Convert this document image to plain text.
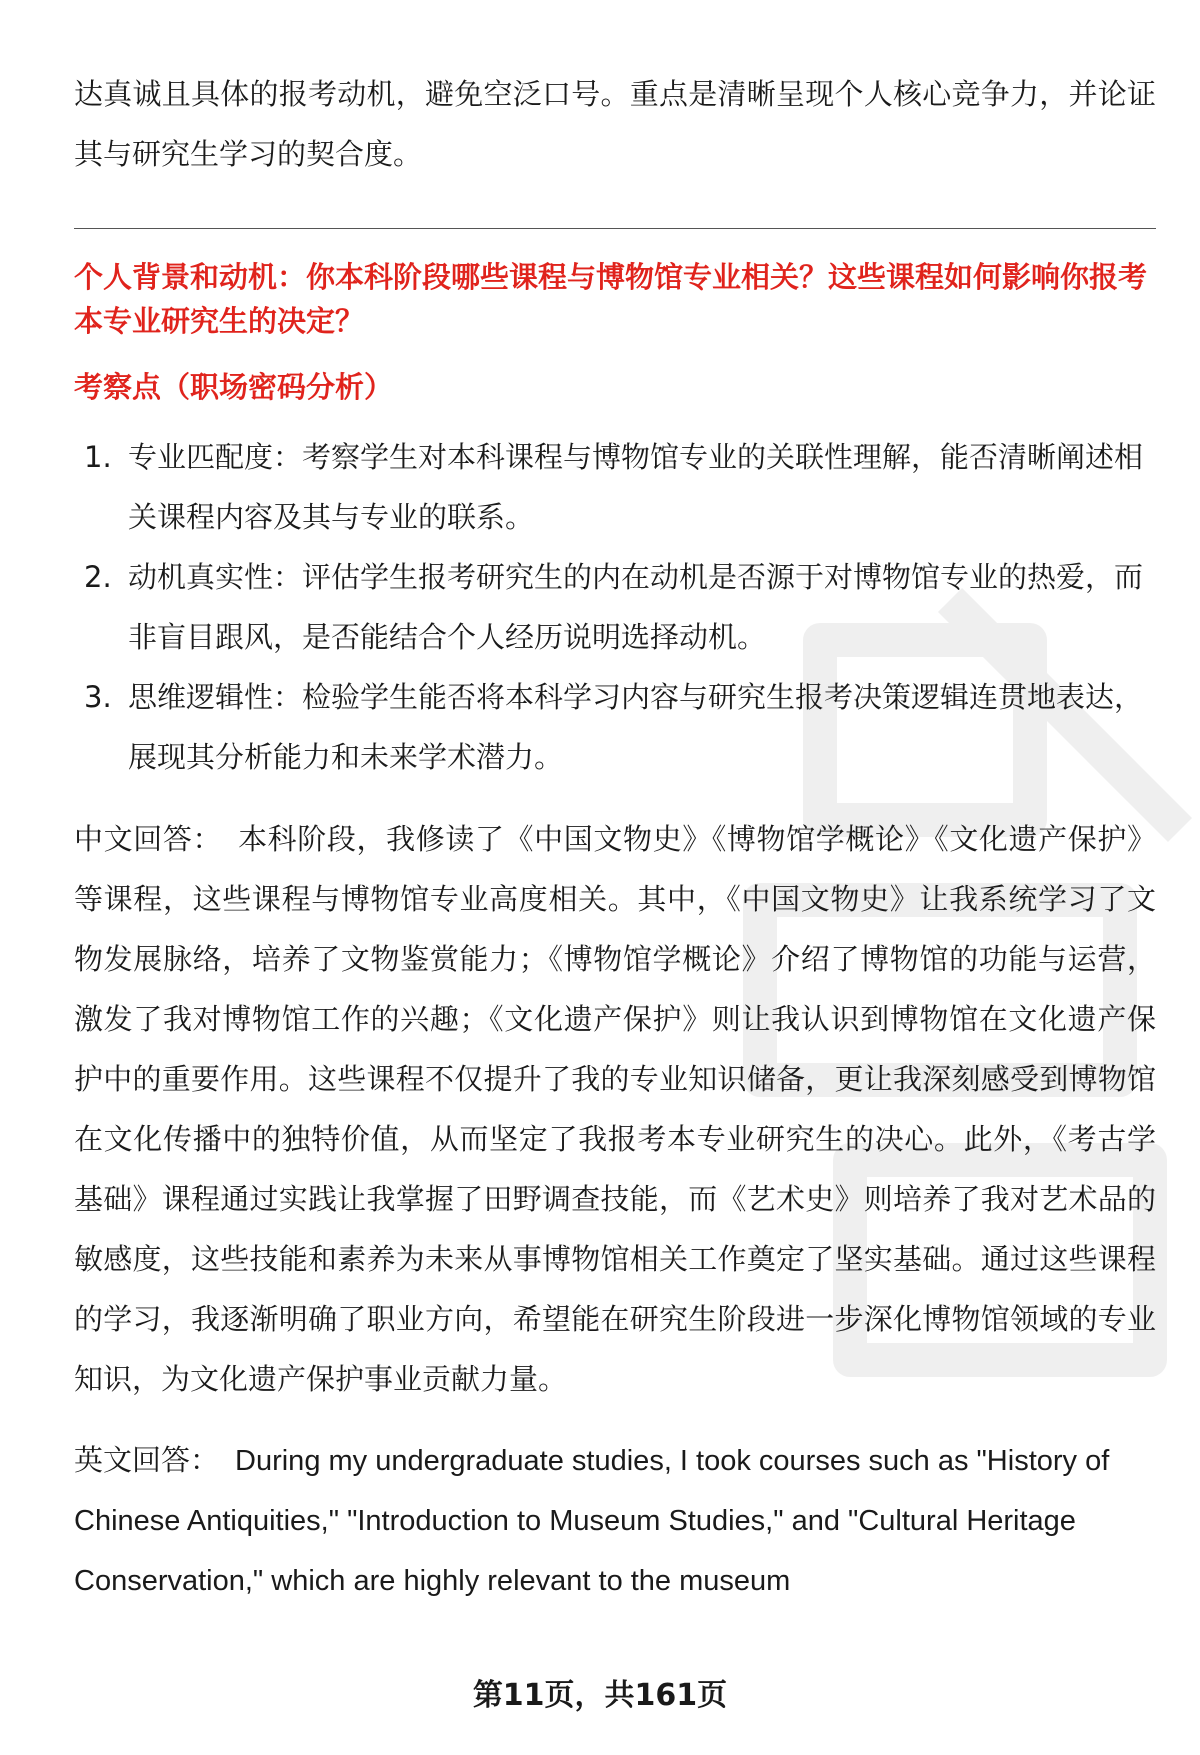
达真诚且具体的报考动机，避免空泛口号。重点是清晰呈现个人核心竞争力，并论证其与研究生学习的契合度。

个人背景和动机：你本科阶段哪些课程与博物馆专业相关？这些课程如何影响你报考本专业研究生的决定？

考察点（职场密码分析）

1. 专业匹配度：考察学生对本科课程与博物馆专业的关联性理解，能否清晰阐述相关课程内容及其与专业的联系。
2. 动机真实性：评估学生报考研究生的内在动机是否源于对博物馆专业的热爱，而非盲目跟风，是否能结合个人经历说明选择动机。
3. 思维逻辑性：检验学生能否将本科学习内容与研究生报考决策逻辑连贯地表达，展现其分析能力和未来学术潜力。

中文回答： 本科阶段，我修读了《中国文物史》《博物馆学概论》《文化遗产保护》等课程，这些课程与博物馆专业高度相关。其中，《中国文物史》让我系统学习了文物发展脉络，培养了文物鉴赏能力；《博物馆学概论》介绍了博物馆的功能与运营，激发了我对博物馆工作的兴趣；《文化遗产保护》则让我认识到博物馆在文化遗产保护中的重要作用。这些课程不仅提升了我的专业知识储备，更让我深刻感受到博物馆在文化传播中的独特价值，从而坚定了我报考本专业研究生的决心。此外，《考古学基础》课程通过实践让我掌握了田野调查技能，而《艺术史》则培养了我对艺术品的敏感度，这些技能和素养为未来从事博物馆相关工作奠定了坚实基础。通过这些课程的学习，我逐渐明确了职业方向，希望能在研究生阶段进一步深化博物馆领域的专业知识，为文化遗产保护事业贡献力量。

英文回答： During my undergraduate studies, I took courses such as "History of Chinese Antiquities," "Introduction to Museum Studies," and "Cultural Heritage Conservation," which are highly relevant to the museum

第11页，共161页
